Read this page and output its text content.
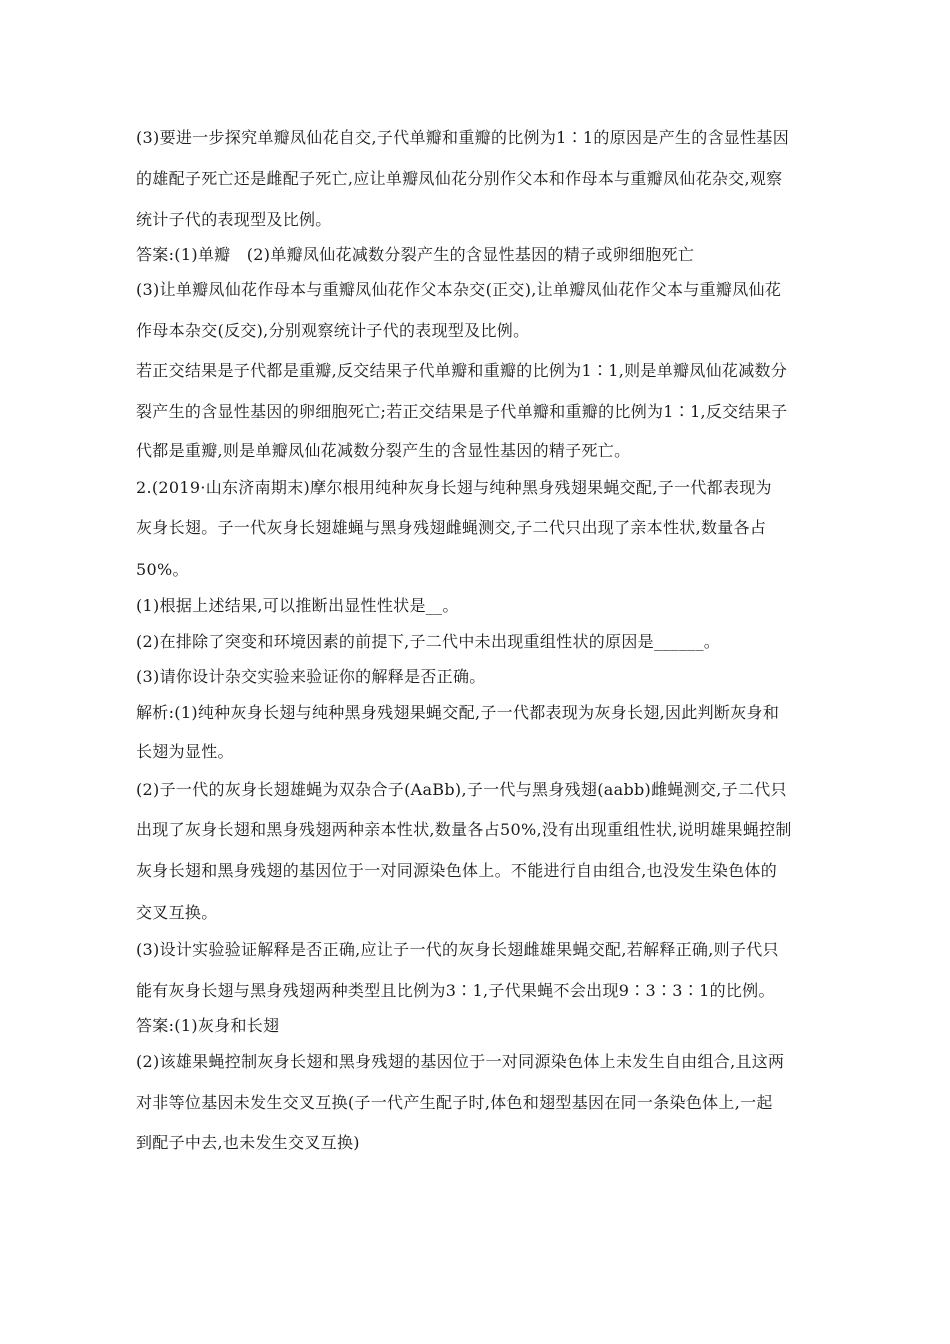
(3)要进一步探究单瓣凤仙花自交,子代单瓣和重瓣的比例为1∶1的原因是产生的含显性基因
的雄配子死亡还是雌配子死亡,应让单瓣凤仙花分别作父本和作母本与重瓣凤仙花杂交,观察
统计子代的表现型及比例。
答案:(1)单瓣　(2)单瓣凤仙花减数分裂产生的含显性基因的精子或卵细胞死亡
(3)让单瓣凤仙花作母本与重瓣凤仙花作父本杂交(正交),让单瓣凤仙花作父本与重瓣凤仙花
作母本杂交(反交),分别观察统计子代的表现型及比例。
若正交结果是子代都是重瓣,反交结果子代单瓣和重瓣的比例为1∶1,则是单瓣凤仙花减数分
裂产生的含显性基因的卵细胞死亡;若正交结果是子代单瓣和重瓣的比例为1∶1,反交结果子
代都是重瓣,则是单瓣凤仙花减数分裂产生的含显性基因的精子死亡。
2.(2019·山东济南期末)摩尔根用纯种灰身长翅与纯种黑身残翅果蝇交配,子一代都表现为
灰身长翅。子一代灰身长翅雄蝇与黑身残翅雌蝇测交,子二代只出现了亲本性状,数量各占
50%。
(1)根据上述结果,可以推断出显性性状是__。
(2)在排除了突变和环境因素的前提下,子二代中未出现重组性状的原因是______。
(3)请你设计杂交实验来验证你的解释是否正确。
解析:(1)纯种灰身长翅与纯种黑身残翅果蝇交配,子一代都表现为灰身长翅,因此判断灰身和
长翅为显性。
(2)子一代的灰身长翅雄蝇为双杂合子(AaBb),子一代与黑身残翅(aabb)雌蝇测交,子二代只
出现了灰身长翅和黑身残翅两种亲本性状,数量各占50%,没有出现重组性状,说明雄果蝇控制
灰身长翅和黑身残翅的基因位于一对同源染色体上。不能进行自由组合,也没发生染色体的
交叉互换。
(3)设计实验验证解释是否正确,应让子一代的灰身长翅雌雄果蝇交配,若解释正确,则子代只
能有灰身长翅与黑身残翅两种类型且比例为3∶1,子代果蝇不会出现9∶3∶3∶1的比例。
答案:(1)灰身和长翅
(2)该雄果蝇控制灰身长翅和黑身残翅的基因位于一对同源染色体上未发生自由组合,且这两
对非等位基因未发生交叉互换(子一代产生配子时,体色和翅型基因在同一条染色体上,一起
到配子中去,也未发生交叉互换)
